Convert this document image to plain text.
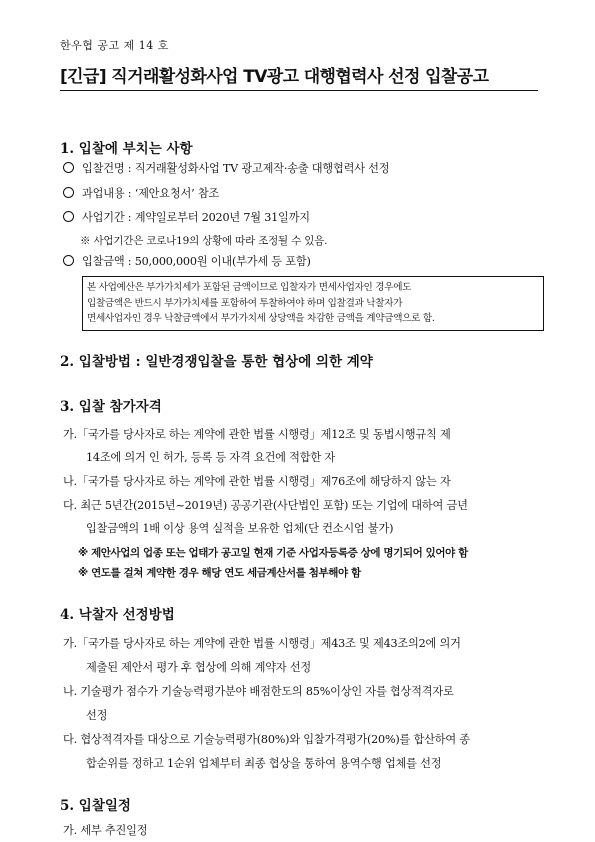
한우협 공고 제 14 호
[긴급] 직거래활성화사업 TV광고 대행협력사 선정 입찰공고
1. 입찰에 부치는 사항
입찰건명 : 직거래활성화사업 TV 광고제작·송출 대행협력사 선정
과업내용 : ‘제안요청서’ 참조
사업기간 : 계약일로부터 2020년 7월 31일까지
※ 사업기간은 코로나19의 상황에 따라 조정될 수 있음.
입찰금액 : 50,000,000원 이내(부가세 등 포함)
본 사업예산은 부가가치세가 포함된 금액이므로 입찰자가 면세사업자인 경우에도
입찰금액은 반드시 부가가치세를 포함하여 투찰하여야 하며 입찰결과 낙찰자가
면세사업자인 경우 낙찰금액에서 부가가치세 상당액을 차감한 금액을 계약금액으로 함.
2. 입찰방법 : 일반경쟁입찰을 통한 협상에 의한 계약
3. 입찰 참가자격
가.「국가를 당사자로 하는 계약에 관한 법률 시행령」제12조 및 동법시행규칙 제
14조에 의거 인 허가, 등록 등 자격 요건에 적합한 자
나.「국가를 당사자로 하는 계약에 관한 법률 시행령」제76조에 해당하지 않는 자
다. 최근 5년간(2015년~2019년) 공공기관(사단법인 포함) 또는 기업에 대하여 금년
입찰금액의 1배 이상 용역 실적을 보유한 업체(단 컨소시엄 불가)
※ 제안사업의 업종 또는 업태가 공고일 현재 기준 사업자등록증 상에 명기되어 있어야 함
※ 연도를 걸쳐 계약한 경우 해당 연도 세금계산서를 첨부해야 함
4. 낙찰자 선정방법
가.「국가를 당사자로 하는 계약에 관한 법률 시행령」제43조 및 제43조의2에 의거
제출된 제안서 평가 후 협상에 의해 계약자 선정
나. 기술평가 점수가 기술능력평가분야 배점한도의 85%이상인 자를 협상적격자로
선정
다. 협상적격자를 대상으로 기술능력평가(80%)와 입찰가격평가(20%)를 합산하여 종
합순위를 정하고 1순위 업체부터 최종 협상을 통하여 용역수행 업체를 선정
5. 입찰일정
가. 세부 추진일정
